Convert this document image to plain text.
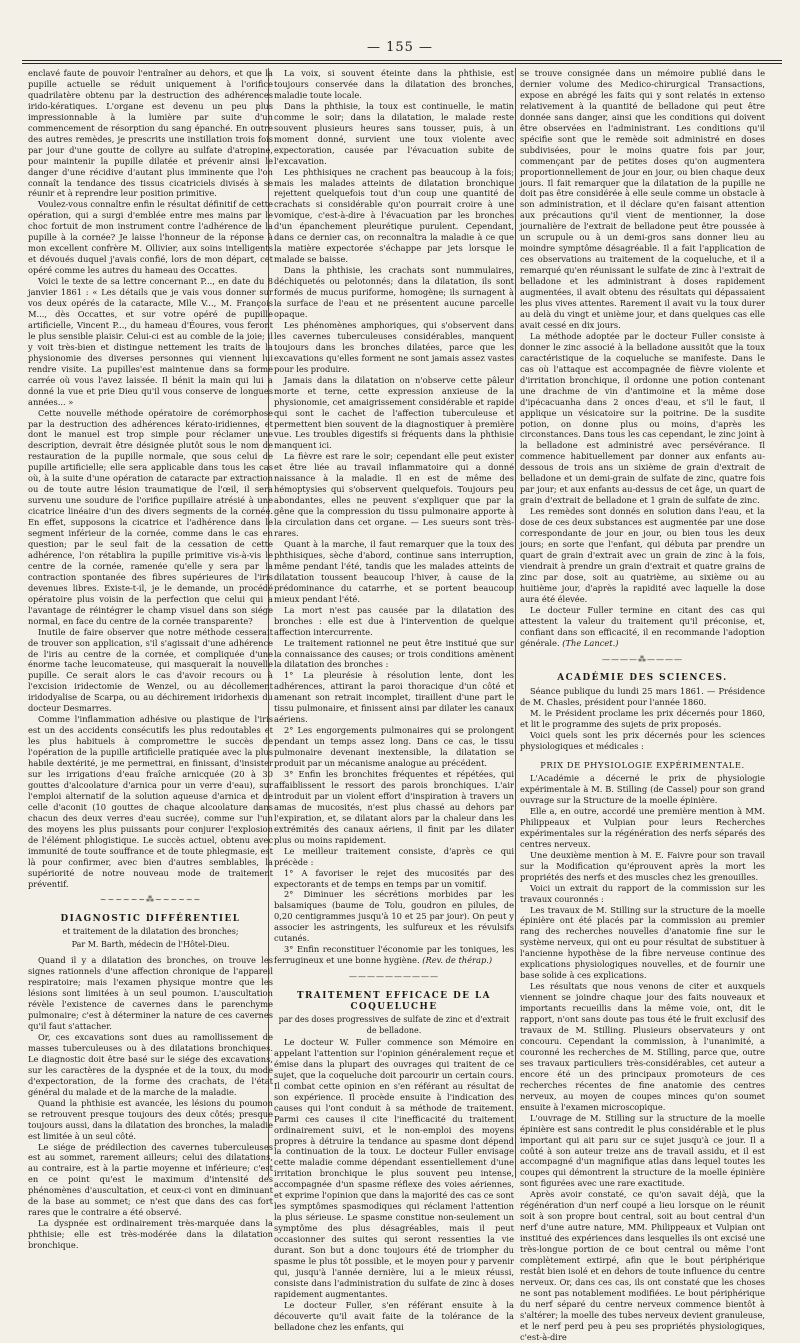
— 155 —

enclavé faute de pouvoir l'entraîner au dehors, et que la pupille actuelle se réduit uniquement à l'orifice quadrilatère obtenu par la destruction des adhérences irido-kératiques. L'organe est devenu un peu plus impressionnable à la lumière par suite d'un commencement de résorption du sang épanché. En outre des autres remèdes, je prescrits une instillation trois fois par jour d'une goutte de collyre au sulfate d'atropine, pour maintenir la pupille dilatée et prévenir ainsi le danger d'une récidive d'autant plus imminente que l'on connaît la tendance des tissus cicatriciels divisés à se réunir et à reprendre leur position primitive.

Voulez-vous connaître enfin le résultat définitif de cette opération, qui a surgi d'emblée entre mes mains par le choc fortuit de mon instrument contre l'adhérence de la pupille à la cornée? Je laisse l'honneur de la réponse à mon excellent confrère M. Ollivier, aux soins intelligents et dévoués duquel j'avais confié, lors de mon départ, cet opéré comme les autres du hameau des Occattes.

Voici le texte de sa lettre concernant P..., en date du 8 janvier 1861 : « Les détails que je vais vous donner sur vos deux opérés de la cataracte, Mlle V..., M. François M..., dès Occattes, et sur votre opéré de pupille artificielle, Vincent P..., du hameau d'Éoures, vous feront le plus sensible plaisir. Celui-ci est au comble de la joie; il y voit très-bien et distingue nettement les traits de la physionomie des diverses personnes qui viennent lui rendre visite. La pupilles'est maintenue dans sa forme carrée où vous l'avez laissée. Il bénit la main qui lui a donné la vue et prie Dieu qu'il vous conserve de longues années... »

Cette nouvelle méthode opératoire de corémorphose par la destruction des adhérences kérato-iridiennes, et dont le manuel est trop simple pour réclamer une description, devrait être désignée plutôt sous le nom de restauration de la pupille normale, que sous celui de pupille artificielle; elle sera applicable dans tous les cas où, à la suite d'une opération de cataracte par extraction ou de toute autre lésion traumatique de l'œil, il sera survenu une soudure de l'orifice pupillaire atrésié à une cicatrice linéaire d'un des divers segments de la cornée. En effet, supposons la cicatrice et l'adhérence dans le segment inférieur de la cornée, comme dans le cas en question; par le seul fait de la cessation de cette adhérence, l'on rétablira la pupille primitive vis-à-vis le centre de la cornée, ramenée qu'elle y sera par la contraction spontanée des fibres supérieures de l'iris devenues libres. Existe-t-il, je le demande, un procédé opératoire plus voisin de la perfection que celui qui a l'avantage de réintégrer le champ visuel dans son siége normal, en face du centre de la cornée transparente?

Inutile de faire observer que notre méthode cesserait de trouver son application, s'il s'agissait d'une adhérence de l'iris au centre de la cornée, et compliquée d'une énorme tache leucomateuse, qui masquerait la nouvelle pupille. Ce serait alors le cas d'avoir recours ou à l'excision iridectomie de Wenzel, ou au décollement iridodyalise de Scarpa, ou au déchirement iridorhexis du docteur Desmarres.

Comme l'inflammation adhésive ou plastique de l'iris est un des accidents consécutifs les plus redoutables et les plus habituels à compromettre le succès de l'opération de la pupille artificielle pratiquée avec la plus habile dextérité, je me permettrai, en finissant, d'insister sur les irrigations d'eau fraîche arnicquée (20 à 30 gouttes d'alcoolature d'arnica pour un verre d'eau), sur l'emploi alternatif de la solution aqueuse d'arnica et de celle d'aconit (10 gouttes de chaque alcoolature dans chacun des deux verres d'eau sucrée), comme sur l'un des moyens les plus puissants pour conjurer l'explosion de l'élément phlogistique. Le succès actuel, obtenu avec immunité de toute souffrance et de toute phlegmasie, est là pour confirmer, avec bien d'autres semblables, la supériorité de notre nouveau mode de traitement préventif.

~~~~~~⁂~~~~~~
DIAGNOSTIC DIFFÉRENTIEL
et traitement de la dilatation des bronches;
Par M. Barth, médecin de l'Hôtel-Dieu.

Quand il y a dilatation des bronches, on trouve les signes rationnels d'une affection chronique de l'appareil respiratoire; mais l'examen physique montre que les lésions sont limitées à un seul poumon. L'auscultation révèle l'existence de cavernes dans le parenchyme pulmonaire; c'est à déterminer la nature de ces cavernes qu'il faut s'attacher.

Or, ces excavations sont dues au ramollissement de masses tuberculeuses ou à des dilatations bronchiques. Le diagnostic doit être basé sur le siége des excavations, sur les caractères de la dyspnée et de la toux, du mode d'expectoration, de la forme des crachats, de l'état général du malade et de la marche de la maladie.

Quand la phthisie est avancée, les lésions du poumon se retrouvent presque toujours des deux côtés; presque toujours aussi, dans la dilatation des bronches, la maladie est limitée à un seul côté.

Le siége de prédilection des cavernes tuberculeuses est au sommet, rarement ailleurs; celui des dilatations, au contraire, est à la partie moyenne et inférieure; c'est en ce point qu'est le maximum d'intensité des phénomènes d'auscultation, et ceux-ci vont en diminuant de la base au sommet; ce n'est que dans des cas fort rares que le contraire a été observé.

La dyspnée est ordinairement très-marquée dans la phthisie; elle est très-modérée dans la dilatation bronchique.

La voix, si souvent éteinte dans la phthisie, est toujours conservée dans la dilatation des bronches, maladie toute locale.

Dans la phthisie, la toux est continuelle, le matin comme le soir; dans la dilatation, le malade reste souvent plusieurs heures sans tousser, puis, à un moment donné, survient une toux violente avec expectoration, causée par l'évacuation subite de l'excavation.

Les phthisiques ne crachent pas beaucoup à la fois; mais les malades atteints de dilatation bronchique rejettent quelquefois tout d'un coup une quantité de crachats si considérable qu'on pourrait croire à une vomique, c'est-à-dire à l'évacuation par les bronches d'un épanchement pleurétique purulent. Cependant, dans ce dernier cas, on reconnaîtra la maladie à ce que la matière expectorée s'échappe par jets lorsque le malade se baisse.

Dans la phthisie, les crachats sont nummulaires, déchiquetés ou pelotonnés; dans la dilatation, ils sont formés de mucus puriforme, homogène; ils surnagent à la surface de l'eau et ne présentent aucune parcelle opaque.

Les phénomènes amphoriques, qui s'observent dans les cavernes tuberculeuses considérables, manquent toujours dans les bronches dilatées, parce que les excavations qu'elles forment ne sont jamais assez vastes pour les produire.

Jamais dans la dilatation on n'observe cette pâleur morte et terne, cette expression anxieuse de la physionomie, cet amaigrissement considérable et rapide qui sont le cachet de l'affection tuberculeuse et permettent bien souvent de la diagnostiquer à première vue. Les troubles digestifs si fréquents dans la phthisie manquent ici.

La fièvre est rare le soir; cependant elle peut exister et être liée au travail inflammatoire qui a donné naissance à la maladie. Il en est de même des hémoptysies qui s'observent quelquefois. Toujours peu abondantes, elles ne peuvent s'expliquer que par la gêne que la compression du tissu pulmonaire apporte à la circulation dans cet organe. — Les sueurs sont très-rares.

Quant à la marche, il faut remarquer que la toux des phthisiques, sèche d'abord, continue sans interruption, même pendant l'été, tandis que les malades atteints de dilatation toussent beaucoup l'hiver, à cause de la prédominance du catarrhe, et se portent beaucoup mieux pendant l'été.

La mort n'est pas causée par la dilatation des bronches : elle est due à l'intervention de quelque affection intercurrente.

Le traitement rationnel ne peut être institué que sur la connaissance des causes; or trois conditions amènent la dilatation des bronches :

1° La pleurésie à résolution lente, dont les adhérences, attirant la paroi thoracique d'un côté et amenant son retrait incomplet, tiraillent d'une part le tissu pulmonaire, et finissent ainsi par dilater les canaux aériens.

2° Les engorgements pulmonaires qui se prolongent pendant un temps assez long. Dans ce cas, le tissu pulmonaire devenant inextensible, la dilatation se produit par un mécanisme analogue au précédent.

3° Enfin les bronchites fréquentes et répétées, qui affaiblissent le ressort des parois bronchiques. L'air introduit par un violent effort d'inspiration à travers un amas de mucosités, n'est plus chassé au dehors par l'expiration, et, se dilatant alors par la chaleur dans les extrémités des canaux aériens, il finit par les dilater plus ou moins rapidement.

Le meilleur traitement consiste, d'après ce qui précède :

1° A favoriser le rejet des mucosités par des expectorants et de temps en temps par un vomitif.

2° Diminuer les sécrétions morbides par les balsamiques (baume de Tolu, goudron en pilules, de 0,20 centigrammes jusqu'à 10 et 25 par jour). On peut y associer les astringents, les sulfureux et les révulsifs cutanés.

3° Enfin reconstituer l'économie par les toniques, les ferrugineux et une bonne hygiène. (Rev. de thérap.)

——————————
TRAITEMENT EFFICACE DE LA COQUELUCHE
par des doses progressives de sulfate de zinc et d'extrait de belladone.

Le docteur W. Fuller commence son Mémoire en appelant l'attention sur l'opinion généralement reçue et émise dans la plupart des ouvrages qui traitent de ce sujet, que la coqueluche doit parcourir un certain cours. Il combat cette opinion en s'en référant au résultat de son expérience. Il procède ensuite à l'indication des causes qui l'ont conduit à sa méthode de traitement. Parmi ces causes il cite l'inefficacité du traitement ordinairement suivi, et le non-emploi des moyens propres à détruire la tendance au spasme dont dépend la continuation de la toux. Le docteur Fuller envisage cette maladie comme dépendant essentiellement d'une irritation bronchique le plus souvent peu intense, accompagnée d'un spasme réflexe des voies aériennes, et exprime l'opinion que dans la majorité des cas ce sont les symptômes spasmodiques qui réclament l'attention la plus sérieuse. Le spasme constitue non-seulement un symptôme des plus désagréables, mais il peut occasionner des suites qui seront ressenties la vie durant. Son but a donc toujours été de triompher du spasme le plus tôt possible, et le moyen pour y parvenir qui, jusqu'à l'année dernière, lui a le mieux réussi, consiste dans l'administration du sulfate de zinc à doses rapidement augmentantes.

Le docteur Fuller, s'en référant ensuite à la découverte qu'il avait faite de la tolérance de la belladone chez les enfants, qui

se trouve consignée dans un mémoire publié dans le dernier volume des Medico-chirurgical Transactions, expose en abrégé les faits qui y sont relatés in extenso relativement à la quantité de belladone qui peut être donnée sans danger, ainsi que les conditions qui doivent être observées en l'administrant. Les conditions qu'il spécifie sont que le remède soit administré en doses subdivisées, pour le moins quatre fois par jour, commençant par de petites doses qu'on augmentera proportionnellement de jour en jour, ou bien chaque deux jours. Il fait remarquer que la dilatation de la pupille ne doit pas être considérée à elle seule comme un obstacle à son administration, et il déclare qu'en faisant attention aux précautions qu'il vient de mentionner, la dose journalière de l'extrait de belladone peut être poussée à un scrupule ou à un demi-gros sans donner lieu au moindre symptôme désagréable. Il a fait l'application de ces observations au traitement de la coqueluche, et il a remarqué qu'en réunissant le sulfate de zinc à l'extrait de belladone et les administrant à doses rapidement augmentées, il avait obtenu des résultats qui dépassaient les plus vives attentes. Rarement il avait vu la toux durer au delà du vingt et unième jour, et dans quelques cas elle avait cessé en dix jours.

La méthode adoptée par le docteur Fuller consiste à donner le zinc associé à la belladone aussitôt que la toux caractéristique de la coqueluche se manifeste. Dans le cas où l'attaque est accompagnée de fièvre violente et d'irritation bronchique, il ordonne une potion contenant une drachme de vin d'antimoine et la même dose d'ipécacuanha dans 2 onces d'eau, et s'il le faut, il applique un vésicatoire sur la poitrine. De la susdite potion, on donne plus ou moins, d'après les circonstances. Dans tous les cas cependant, le zinc joint à la belladone est administré avec persévérance. Il commence habituellement par donner aux enfants au-dessous de trois ans un sixième de grain d'extrait de belladone et un demi-grain de sulfate de zinc, quatre fois par jour; et aux enfants au-dessus de cet âge, un quart de grain d'extrait de belladone et 1 grain de sulfate de zinc.

Les remèdes sont donnés en solution dans l'eau, et la dose de ces deux substances est augmentée par une dose correspondante de jour en jour, ou bien tous les deux jours; en sorte que l'enfant, qui débuta par prendre un quart de grain d'extrait avec un grain de zinc à la fois, viendrait à prendre un grain d'extrait et quatre grains de zinc par dose, soit au quatrième, au sixième ou au huitième jour, d'après la rapidité avec laquelle la dose aura été élevée.

Le docteur Fuller termine en citant des cas qui attestent la valeur du traitement qu'il préconise, et, confiant dans son efficacité, il en recommande l'adoption générale. (The Lancet.)

————⁂————
ACADÉMIE DES SCIENCES.

Séance publique du lundi 25 mars 1861. — Présidence de M. Chasles, président pour l'année 1860.

M. le Président proclame les prix décernés pour 1860, et lit le programme des sujets de prix proposés.

Voici quels sont les prix décernés pour les sciences physiologiques et médicales :

PRIX DE PHYSIOLOGIE EXPÉRIMENTALE.

L'Académie a décerné le prix de physiologie expérimentale à M. B. Stilling (de Cassel) pour son grand ouvrage sur la Structure de la moelle épinière.

Elle a, en outre, accordé une première mention à MM. Philippeaux et Vulpian pour leurs Recherches expérimentales sur la régénération des nerfs séparés des centres nerveux.

Une deuxième mention à M. E. Faivre pour son travail sur la Modification qu'éprouvent après la mort les propriétés des nerfs et des muscles chez les grenouilles.

Voici un extrait du rapport de la commission sur les travaux couronnés :

Les travaux de M. Stilling sur la structure de la moelle épinière ont été placés par la commission au premier rang des recherches nouvelles d'anatomie fine sur le système nerveux, qui ont eu pour résultat de substituer à l'ancienne hypothèse de la fibre nerveuse continue des explications physiologiques nouvelles, et de fournir une base solide à ces explications.

Les résultats que nous venons de citer et auxquels viennent se joindre chaque jour des faits nouveaux et importants recueillis dans la même voie, ont, dit le rapport, n'ont sans doute pas tous été le fruit exclusif des travaux de M. Stilling. Plusieurs observateurs y ont concouru. Cependant la commission, à l'unanimité, a couronné les recherches de M. Stilling, parce que, outre ses travaux particuliers très-considérables, cet auteur a encore été un des principaux promoteurs de ces recherches récentes de fine anatomie des centres nerveux, au moyen de coupes minces qu'on soumet ensuite à l'examen microscopique.

L'ouvrage de M. Stilling sur la structure de la moelle épinière est sans contredit le plus considérable et le plus important qui ait paru sur ce sujet jusqu'à ce jour. Il a coûté à son auteur treize ans de travail assidu, et il est accompagné d'un magnifique atlas dans lequel toutes les coupes qui démontrent la structure de la moelle épinière sont figurées avec une rare exactitude.

Après avoir constaté, ce qu'on savait déjà, que la régénération d'un nerf coupé a lieu lorsque on le réunit soit à son propre bout central, soit au bout central d'un nerf d'une autre nature, MM. Philippeaux et Vulpian ont institué des expériences dans lesquelles ils ont excisé une très-longue portion de ce bout central ou même l'ont complètement extirpé, afin que le bout périphérique restât bien isolé et en dehors de toute influence du centre nerveux. Or, dans ces cas, ils ont constaté que les choses ne sont pas notablement modifiées. Le bout périphérique du nerf séparé du centre nerveux commence bientôt à s'altérer; la moelle des tubes nerveux devient granuleuse, et le nerf perd peu à peu ses propriétés physiologiques, c'est-à-dire
